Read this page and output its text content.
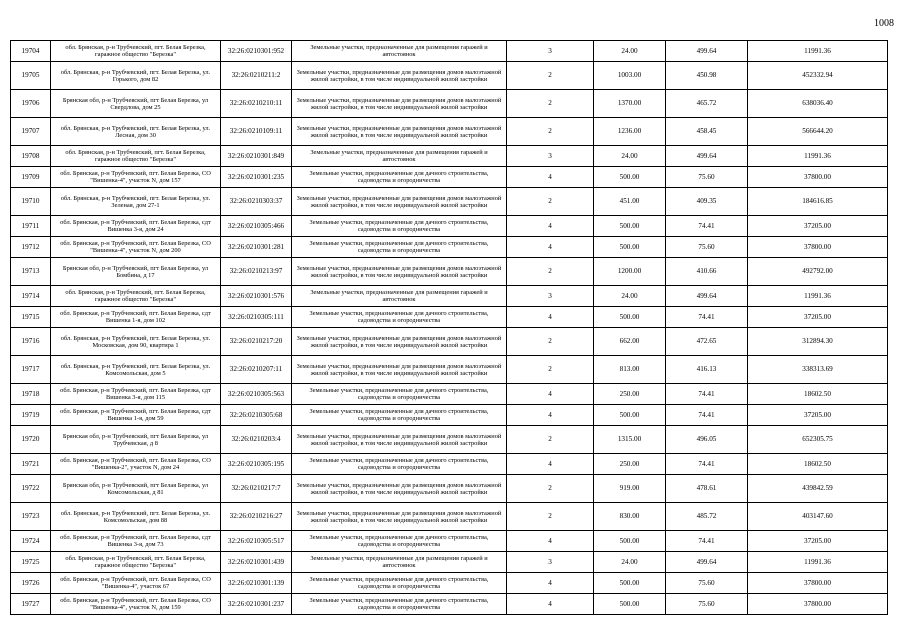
1008
19704	обл. Брянская, р-н Трубчевский, пгт. Белая Березка, гаражное общество "Березка"	32:26:0210301:952	Земельные участки, предназначенные для размещения гаражей и автостоянок	3	24.00	499.64	11991.36
19705	обл. Брянская, р-н Трубчевский, пгт. Белая Березка, ул. Горького, дом 82	32:26:0210211:2	Земельные участки, предназначенные для размещения домов малоэтажной жилой застройки, в том числе индивидуальной жилой застройки	2	1003.00	450.98	452332.94
19706	Брянская обл, р-н Трубчевский, пгт Белая Березка, ул Свердлова, дом 25	32:26:0210210:11	Земельные участки, предназначенные для размещения домов малоэтажной жилой застройки, в том числе индивидуальной жилой застройки	2	1370.00	465.72	638036.40
19707	обл. Брянская, р-н Трубчевский, пгт. Белая Березка, ул. Лесная, дом 30	32:26:0210109:11	Земельные участки, предназначенные для размещения домов малоэтажной жилой застройки, в том числе индивидуальной жилой застройки	2	1236.00	458.45	566644.20
19708	обл. Брянская, р-н Трубчевский, пгт. Белая Березка, гаражное общество "Березка"	32:26:0210301:849	Земельные участки, предназначенные для размещения гаражей и автостоянок	3	24.00	499.64	11991.36
19709	обл. Брянская, р-н Трубчевский, пгт. Белая Березка, СО "Вишенка-4", участок N, дом 157	32:26:0210301:235	Земельные участки, предназначенные для дачного строительства, садоводства и огородничества	4	500.00	75.60	37800.00
19710	обл. Брянская, р-н Трубчевский, пгт. Белая Березка, ул. Зеленая, дом 27-1	32:26:0210303:37	Земельные участки, предназначенные для размещения домов малоэтажной жилой застройки, в том числе индивидуальной жилой застройки	2	451.00	409.35	184616.85
19711	обл. Брянская, р-н Трубчевский, пгт. Белая Березка, сдт Вишенка 3-я, дом 24	32:26:0210305:466	Земельные участки, предназначенные для дачного строительства, садоводства и огородничества	4	500.00	74.41	37205.00
19712	обл. Брянская, р-н Трубчевский, пгт. Белая Березка, СО "Вишенка-4", участок N, дом 200	32:26:0210301:281	Земельные участки, предназначенные для дачного строительства, садоводства и огородничества	4	500.00	75.60	37800.00
19713	Брянская обл, р-н Трубчевский, пгт Белая Березка, ул Бомбина, д 17	32:26:0210213:97	Земельные участки, предназначенные для размещения домов малоэтажной жилой застройки, в том числе индивидуальной жилой застройки	2	1200.00	410.66	492792.00
19714	обл. Брянская, р-н Трубчевский, пгт. Белая Березка, гаражное общество "Березка"	32:26:0210301:576	Земельные участки, предназначенные для размещения гаражей и автостоянок	3	24.00	499.64	11991.36
19715	обл. Брянская, р-н Трубчевский, пгт. Белая Березка, сдт Вишенка 1-я, дом 102	32:26:0210305:111	Земельные участки, предназначенные для дачного строительства, садоводства и огородничества	4	500.00	74.41	37205.00
19716	обл. Брянская, р-н Трубчевский, пгт. Белая Березка, ул. Московская, дом 90, квартира 1	32:26:0210217:20	Земельные участки, предназначенные для размещения домов малоэтажной жилой застройки, в том числе индивидуальной жилой застройки	2	662.00	472.65	312894.30
19717	обл. Брянская, р-н Трубчевский, пгт. Белая Березка, ул. Комсомольская, дом 5	32:26:0210207:11	Земельные участки, предназначенные для размещения домов малоэтажной жилой застройки, в том числе индивидуальной жилой застройки	2	813.00	416.13	338313.69
19718	обл. Брянская, р-н Трубчевский, пгт. Белая Березка, сдт Вишенка 3-я, дом 115	32:26:0210305:563	Земельные участки, предназначенные для дачного строительства, садоводства и огородничества	4	250.00	74.41	18602.50
19719	обл. Брянская, р-н Трубчевский, пгт. Белая Березка, сдт Вишенка 1-я, дом 59	32:26:0210305:68	Земельные участки, предназначенные для дачного строительства, садоводства и огородничества	4	500.00	74.41	37205.00
19720	Брянская обл, р-н Трубчевский, пгт Белая Березка, ул Трубчевская, д 8	32:26:0210203:4	Земельные участки, предназначенные для размещения домов малоэтажной жилой застройки, в том числе индивидуальной жилой застройки	2	1315.00	496.05	652305.75
19721	обл. Брянская, р-н Трубчевский, пгт. Белая Березка, СО "Вишенка-2", участок N, дом 24	32:26:0210305:195	Земельные участки, предназначенные для дачного строительства, садоводства и огородничества	4	250.00	74.41	18602.50
19722	Брянская обл, р-н Трубчевский, пгт Белая Березка, ул Комсомольская, д 81	32:26:0210217:7	Земельные участки, предназначенные для размещения домов малоэтажной жилой застройки, в том числе индивидуальной жилой застройки	2	919.00	478.61	439842.59
19723	обл. Брянская, р-н Трубчевский, пгт. Белая Березка, ул. Комсомольская, дом 88	32:26:0210216:27	Земельные участки, предназначенные для размещения домов малоэтажной жилой застройки, в том числе индивидуальной жилой застройки	2	830.00	485.72	403147.60
19724	обл. Брянская, р-н Трубчевский, пгт. Белая Березка, сдт Вишенка 3-я, дом 73	32:26:0210305:517	Земельные участки, предназначенные для дачного строительства, садоводства и огородничества	4	500.00	74.41	37205.00
19725	обл. Брянская, р-н Трубчевский, пгт. Белая Березка, гаражное общество "Березка"	32:26:0210301:439	Земельные участки, предназначенные для размещения гаражей и автостоянок	3	24.00	499.64	11991.36
19726	обл. Брянская, р-н Трубчевский, пгт. Белая Березка, СО "Вишенка-4", участок 67	32:26:0210301:139	Земельные участки, предназначенные для дачного строительства, садоводства и огородничества	4	500.00	75.60	37800.00
19727	обл. Брянская, р-н Трубчевский, пгт. Белая Березка, СО "Вишенка-4", участок N, дом 159	32:26:0210301:237	Земельные участки, предназначенные для дачного строительства, садоводства и огородничества	4	500.00	75.60	37800.00
